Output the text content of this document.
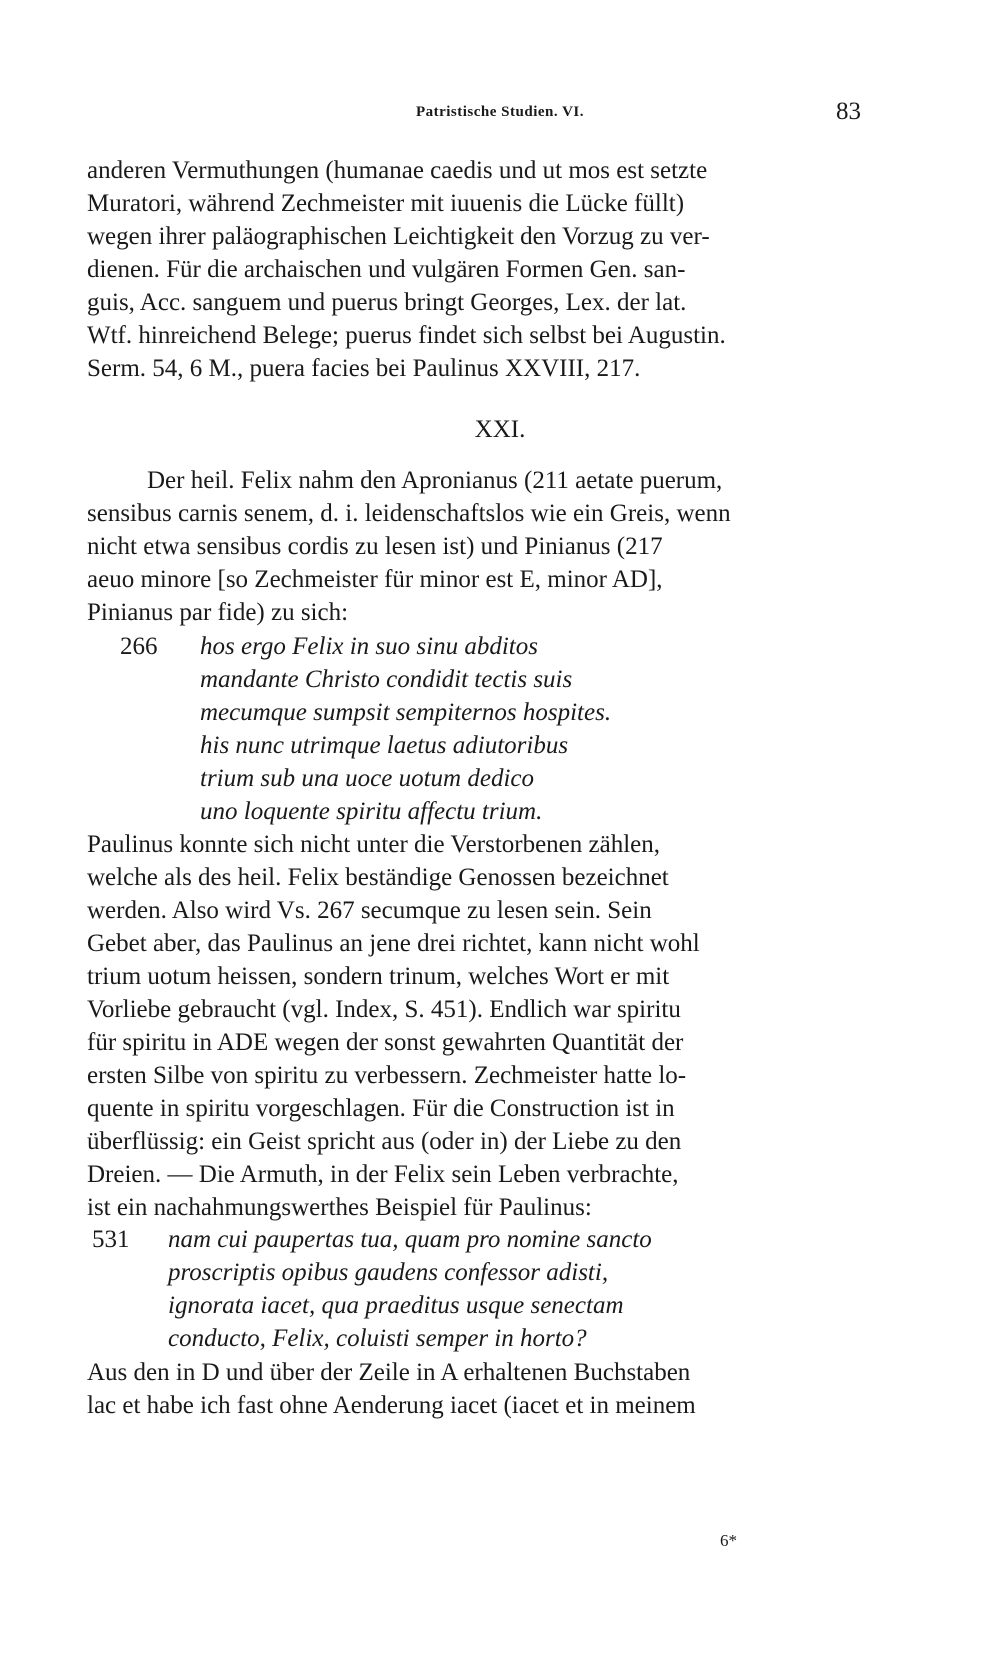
Patristische Studien. VI.	83

anderen Vermuthungen (humanae caedis und ut mos est setzte

Muratori, während Zechmeister mit iuuenis die Lücke füllt)

wegen ihrer paläographischen Leichtigkeit den Vorzug zu ver-

dienen. Für die archaischen und vulgären Formen Gen. san-

guis, Acc. sanguem und puerus bringt Georges, Lex. der lat.

Wtf. hinreichend Belege; puerus findet sich selbst bei Augustin.

Serm. 54, 6 M., puera facies bei Paulinus XXVIII, 217.

XXI.

Der heil. Felix nahm den Apronianus (211 aetate puerum,

sensibus carnis senem, d. i. leidenschaftslos wie ein Greis, wenn

nicht etwa sensibus cordis zu lesen ist) und Pinianus (217

aeuo minore [so Zechmeister für minor est E, minor AD],

Pinianus par fide) zu sich:

266 hos ergo Felix in suo sinu abditos
mandante Christo condidit tectis suis
mecumque sumpsit sempiternos hospites.
his nunc utrimque laetus adiutoribus
trium sub una uoce uotum dedico
uno loquente spiritu affectu trium.

Paulinus konnte sich nicht unter die Verstorbenen zählen,

welche als des heil. Felix beständige Genossen bezeichnet

werden. Also wird Vs. 267 secumque zu lesen sein. Sein

Gebet aber, das Paulinus an jene drei richtet, kann nicht wohl

trium uotum heissen, sondern trinum, welches Wort er mit

Vorliebe gebraucht (vgl. Index, S. 451). Endlich war spiritu

für spiritu in ADE wegen der sonst gewahrten Quantität der

ersten Silbe von spiritu zu verbessern. Zechmeister hatte lo-

quente in spiritu vorgeschlagen. Für die Construction ist in

überflüssig: ein Geist spricht aus (oder in) der Liebe zu den

Dreien. — Die Armuth, in der Felix sein Leben verbrachte,

ist ein nachahmungswerthes Beispiel für Paulinus:

531 nam cui paupertas tua, quam pro nomine sancto
proscriptis opibus gaudens confessor adisti,
ignorata iacet, qua praeditus usque senectam
conducto, Felix, coluisti semper in horto?

Aus den in D und über der Zeile in A erhaltenen Buchstaben

lac et habe ich fast ohne Aenderung iacet (iacet et in meinem

6*
